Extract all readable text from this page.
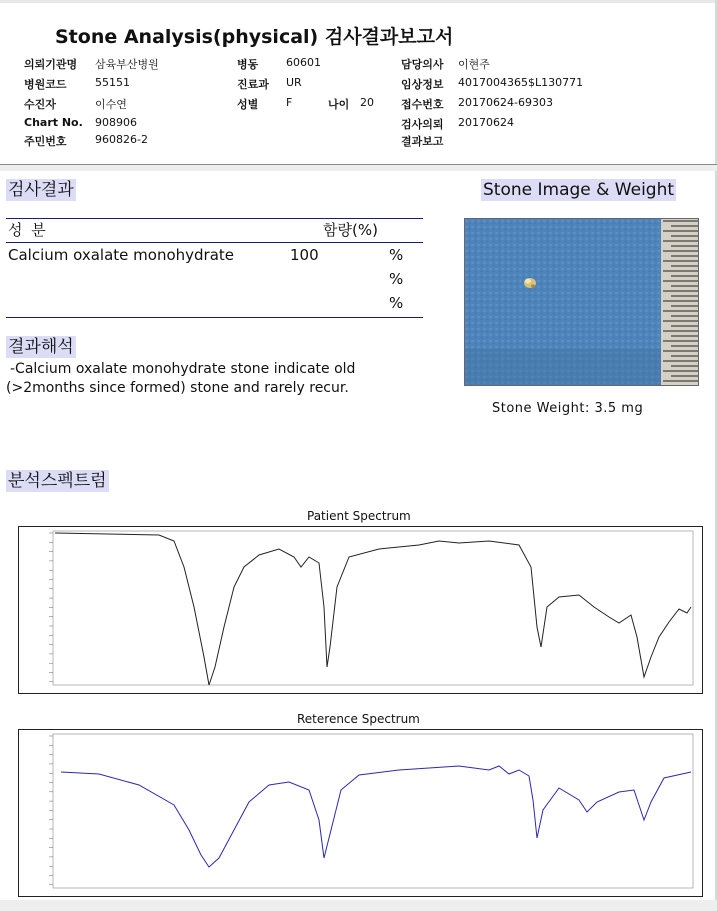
Stone Analysis(physical) 검사결과보고서
의뢰기관명 삼육부산병원	병동	60601	담당의사 이현주
병원코드	55151	진료과 UR	임상정보 4017004365$L130771
수진자	이수연	성별	F	나이 20 접수번호 20170624-69303
Chart No. 908906	검사의뢰 20170624
주민번호	960826-2	결과보고
검사결과
성 분	함량(%)
Calcium oxalate monohydrate	100	%
%
%
결과해석
-Calcium oxalate monohydrate stone indicate old
(>2months since formed) stone and rarely recur.
Stone Image & Weight
Stone Weight: 3.5 mg
분석스펙트럼
Patient Spectrum
Reterence Spectrum
